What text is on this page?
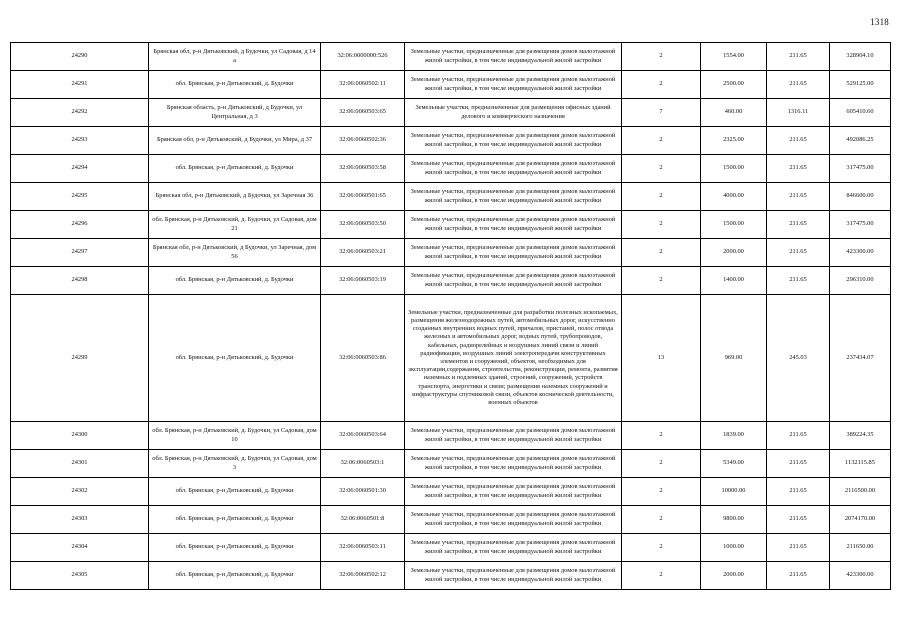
1318
24290	Брянская обл, р-н Дятьковский, д Будочки, ул Садовая, д 14 а	32:06:0000000:526	Земельные участки, предназначенные для размещения домов малоэтажной жилой застройки, в том числе индивидуальной жилой застройки	2	1554.00	211.65	328904.10
24291	обл. Брянская, р-н Дятьковский, д. Будочки	32:06:0060502:11	Земельные участки, предназначенные для размещения домов малоэтажной жилой застройки, в том числе индивидуальной жилой застройки	2	2500.00	211.65	529125.00
24292	Брянская область, р-н Дятьковский, д Будочки, ул Центральная, д 3	32:06:0060503:65	Земельные участки, предназначенные для размещения офисных зданий делового и коммерческого назначения	7	460.00	1316.11	605410.60
24293	Брянская обл, р-н Дятьковский, д Будочки, ул Мира, д 37	32:06:0060502:36	Земельные участки, предназначенные для размещения домов малоэтажной жилой застройки, в том числе индивидуальной жилой застройки	2	2325.00	211.65	492086.25
24294	обл. Брянская, р-н Дятьковский, д. Будочки	32:06:0060503:58	Земельные участки, предназначенные для размещения домов малоэтажной жилой застройки, в том числе индивидуальной жилой застройки	2	1500.00	211.65	317475.00
24295	Брянская обл, р-н Дятьковский, д Будочки, ул Заречная 36	32:06:0060501:65	Земельные участки, предназначенные для размещения домов малоэтажной жилой застройки, в том числе индивидуальной жилой застройки	2	4000.00	211.65	846600.00
24296	обл. Брянская, р-н Дятьковский, д. Будочки, ул Садовая, дом 21	32:06:0060503:50	Земельные участки, предназначенные для размещения домов малоэтажной жилой застройки, в том числе индивидуальной жилой застройки	2	1500.00	211.65	317475.00
24297	Брянская обл, р-н Дятьковский, д Будочки, ул Заречная, дом 56	32:06:0060503:21	Земельные участки, предназначенные для размещения домов малоэтажной жилой застройки, в том числе индивидуальной жилой застройки	2	2000.00	211.65	423300.00
24298	обл. Брянская, р-н Дятьковский, д. Будочки	32:06:0060503:19	Земельные участки, предназначенные для размещения домов малоэтажной жилой застройки, в том числе индивидуальной жилой застройки	2	1400.00	211.65	296310.00
24299	обл. Брянская, р-н Дятьковский, д. Будочки	32:06:0060503:86	Земельные участки, предназначенные для разработки полезных ископаемых, размещения железнодорожных путей, автомобильных дорог, искусственно созданных внутренних водных путей, причалов, пристаней, полос отвода железных и автомобильных дорог, водных путей, трубопроводов, кабельных, радиорелейных и воздушных линий связи и линий радиофикации, воздушных линий электропередачи конструктивных элементов и сооружений, объектов, необходимых для эксплуатации,содержания, строительства, реконструкции, ремонта, развития наземных и подземных зданий, строений, сооружений, устройств транспорта, энергетики и связи; размещения наземных сооружений и инфраструктуры спутниковой связи, объектов космической деятельности, военных объектов	13	969.00	245.03	237434.07
24300	обл. Брянская, р-н Дятьковский, д. Будочки, ул Садовая, дом 10	32:06:0060503:64	Земельные участки, предназначенные для размещения домов малоэтажной жилой застройки, в том числе индивидуальной жилой застройки	2	1839.00	211.65	389224.35
24301	обл. Брянская, р-н Дятьковский, д. Будочки, ул Садовая, дом 3	32:06:0060503:1	Земельные участки, предназначенные для размещения домов малоэтажной жилой застройки, в том числе индивидуальной жилой застройки	2	5349.00	211.65	1132115.85
24302	обл. Брянская, р-н Дятьковский, д. Будочки	32:06:0060501:30	Земельные участки, предназначенные для размещения домов малоэтажной жилой застройки, в том числе индивидуальной жилой застройки	2	10000.00	211.65	2116500.00
24303	обл. Брянская, р-н Дятьковский, д. Будочки	32:06:0060501:8	Земельные участки, предназначенные для размещения домов малоэтажной жилой застройки, в том числе индивидуальной жилой застройки	2	9800.00	211.65	2074170.00
24304	обл. Брянская, р-н Дятьковский, д. Будочки	32:06:0060503:11	Земельные участки, предназначенные для размещения домов малоэтажной жилой застройки, в том числе индивидуальной жилой застройки	2	1000.00	211.65	211650.00
24305	обл. Брянская, р-н Дятьковский, д. Будочки	32:06:0060502:12	Земельные участки, предназначенные для размещения домов малоэтажной жилой застройки, в том числе индивидуальной жилой застройки	2	2000.00	211.65	423300.00
